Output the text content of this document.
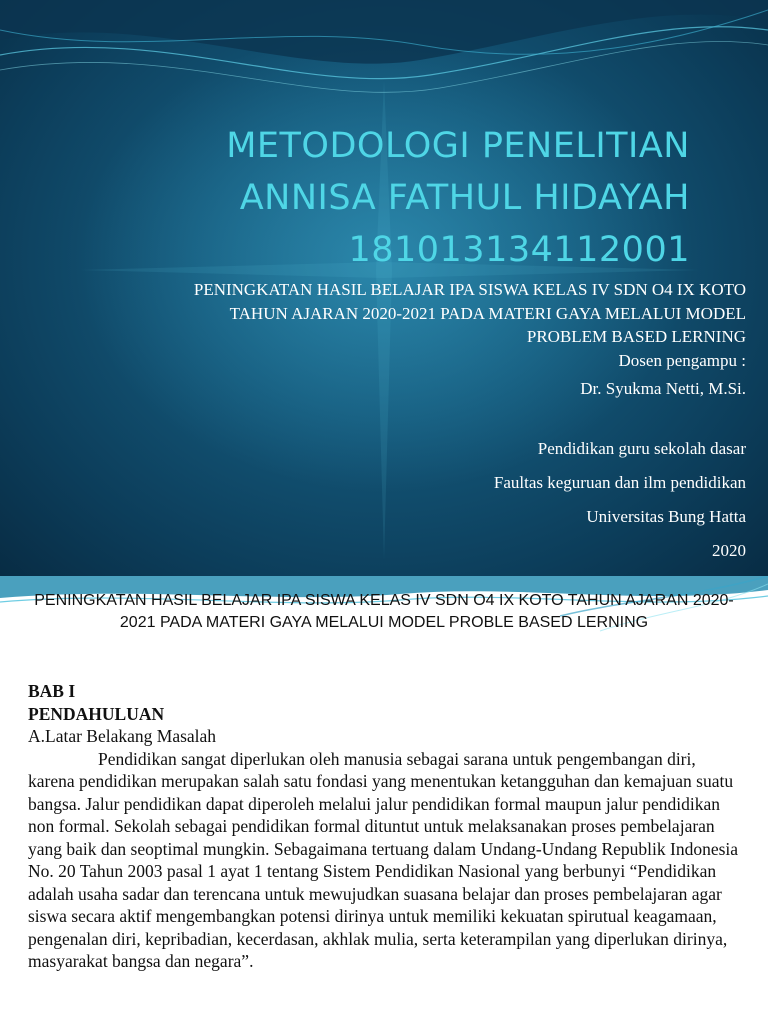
METODOLOGI PENELITIAN
ANNISA FATHUL HIDAYAH
181013134112001
PENINGKATAN HASIL BELAJAR IPA SISWA KELAS IV SDN O4 IX KOTO
TAHUN AJARAN 2020-2021 PADA MATERI GAYA MELALUI MODEL
PROBLEM BASED LERNING
Dosen pengampu :
Dr. Syukma Netti, M.Si.
Pendidikan guru sekolah dasar
Faultas keguruan dan ilm pendidikan
Universitas Bung Hatta
2020
PENINGKATAN HASIL BELAJAR IPA SISWA KELAS IV SDN O4 IX KOTO TAHUN AJARAN 2020-2021 PADA MATERI GAYA MELALUI MODEL PROBLE BASED LERNING
BAB I
PENDAHULUAN
A.Latar Belakang Masalah
Pendidikan sangat diperlukan oleh manusia sebagai sarana untuk pengembangan diri, karena pendidikan merupakan salah satu fondasi yang menentukan ketangguhan dan kemajuan suatu bangsa. Jalur pendidikan dapat diperoleh melalui jalur pendidikan formal maupun jalur pendidikan non formal. Sekolah sebagai pendidikan formal dituntut untuk melaksanakan proses pembelajaran yang baik dan seoptimal mungkin. Sebagaimana tertuang dalam Undang-Undang Republik Indonesia No. 20 Tahun 2003 pasal 1 ayat 1 tentang Sistem Pendidikan Nasional yang berbunyi “Pendidikan adalah usaha sadar dan terencana untuk mewujudkan suasana belajar dan proses pembelajaran agar siswa secara aktif mengembangkan potensi dirinya untuk memiliki kekuatan spirutual keagamaan, pengenalan diri, kepribadian, kecerdasan, akhlak mulia, serta keterampilan yang diperlukan dirinya, masyarakat bangsa dan negara”.
